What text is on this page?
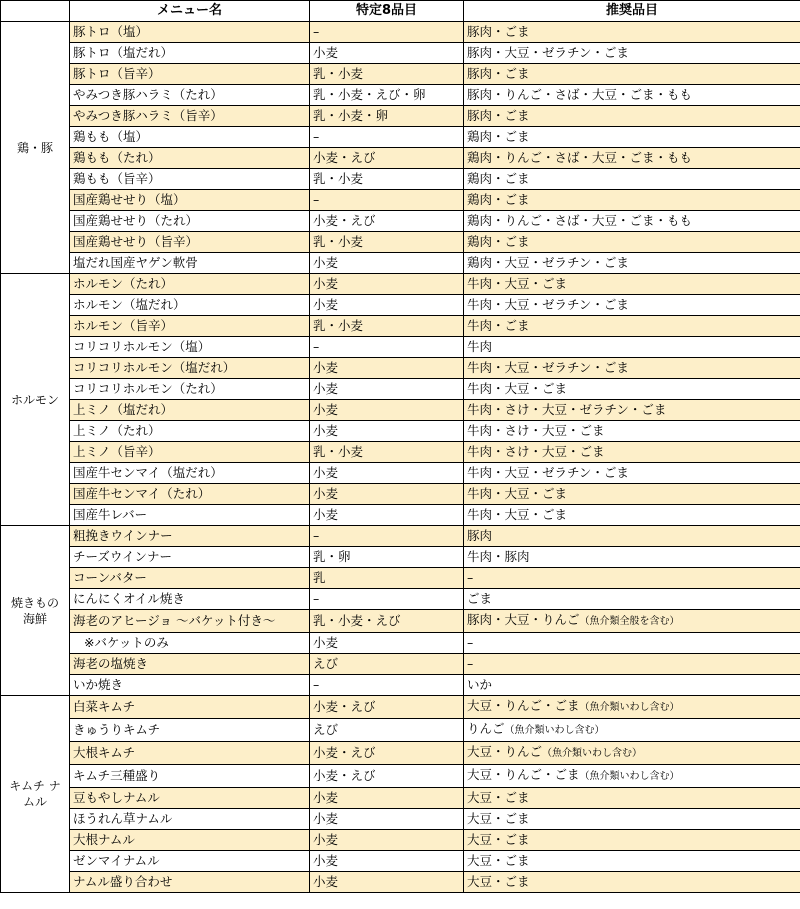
	メニュー名	特定8品目	推奨品目
鶏・豚	豚トロ（塩）	–	豚肉・ごま
	豚トロ（塩だれ）	小麦	豚肉・大豆・ゼラチン・ごま
	豚トロ（旨辛）	乳・小麦	豚肉・ごま
	やみつき豚ハラミ（たれ）	乳・小麦・えび・卵	豚肉・りんご・さば・大豆・ごま・もも
	やみつき豚ハラミ（旨辛）	乳・小麦・卵	豚肉・ごま
	鶏もも（塩）	–	鶏肉・ごま
	鶏もも（たれ）	小麦・えび	鶏肉・りんご・さば・大豆・ごま・もも
	鶏もも（旨辛）	乳・小麦	鶏肉・ごま
	国産鶏せせり（塩）	–	鶏肉・ごま
	国産鶏せせり（たれ）	小麦・えび	鶏肉・りんご・さば・大豆・ごま・もも
	国産鶏せせり（旨辛）	乳・小麦	鶏肉・ごま
	塩だれ国産ヤゲン軟骨	小麦	鶏肉・大豆・ゼラチン・ごま
ホルモン	ホルモン（たれ）	小麦	牛肉・大豆・ごま
	ホルモン（塩だれ）	小麦	牛肉・大豆・ゼラチン・ごま
	ホルモン（旨辛）	乳・小麦	牛肉・ごま
	コリコリホルモン（塩）	–	牛肉
	コリコリホルモン（塩だれ）	小麦	牛肉・大豆・ゼラチン・ごま
	コリコリホルモン（たれ）	小麦	牛肉・大豆・ごま
	上ミノ（塩だれ）	小麦	牛肉・さけ・大豆・ゼラチン・ごま
	上ミノ（たれ）	小麦	牛肉・さけ・大豆・ごま
	上ミノ（旨辛）	乳・小麦	牛肉・さけ・大豆・ごま
	国産牛センマイ（塩だれ）	小麦	牛肉・大豆・ゼラチン・ごま
	国産牛センマイ（たれ）	小麦	牛肉・大豆・ごま
	国産牛レバー	小麦	牛肉・大豆・ごま
焼きもの 海鮮	粗挽きウインナー	–	豚肉
	チーズウインナー	乳・卵	牛肉・豚肉
	コーンバター	乳	–
	にんにくオイル焼き	–	ごま
	海老のアヒージョ ～バケット付き～	乳・小麦・えび	豚肉・大豆・りんご（魚介類全般を含む）
	※バケットのみ	小麦	–
	海老の塩焼き	えび	–
	いか焼き	–	いか
キムチ ナムル	白菜キムチ	小麦・えび	大豆・りんご・ごま（魚介類いわし含む）
	きゅうりキムチ	えび	りんご（魚介類いわし含む）
	大根キムチ	小麦・えび	大豆・りんご（魚介類いわし含む）
	キムチ三種盛り	小麦・えび	大豆・りんご・ごま（魚介類いわし含む）
	豆もやしナムル	小麦	大豆・ごま
	ほうれん草ナムル	小麦	大豆・ごま
	大根ナムル	小麦	大豆・ごま
	ゼンマイナムル	小麦	大豆・ごま
	ナムル盛り合わせ	小麦	大豆・ごま
